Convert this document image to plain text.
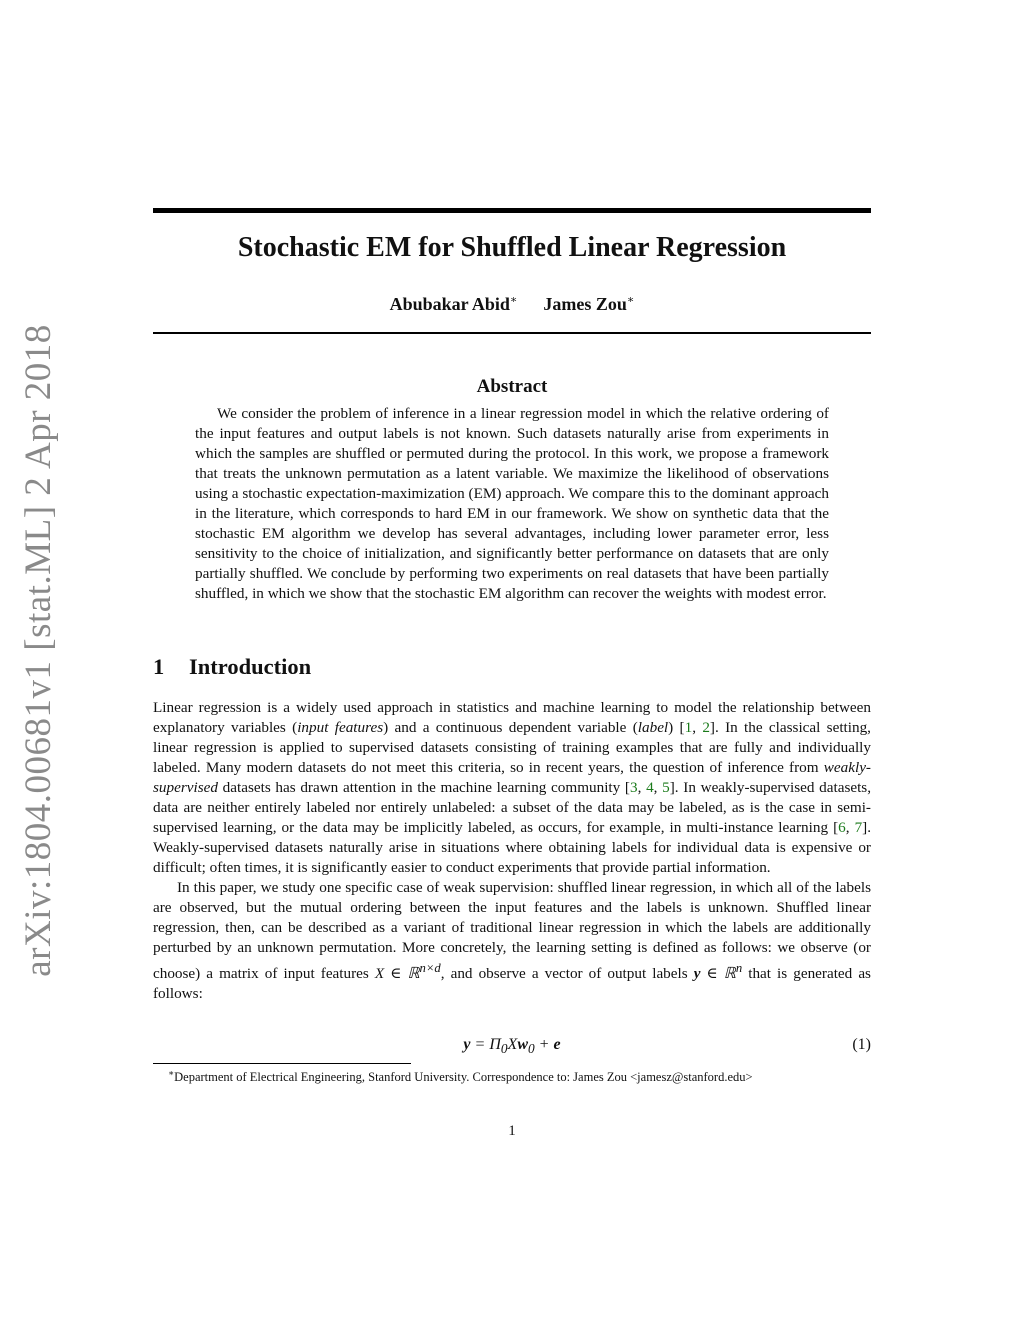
arXiv:1804.00681v1 [stat.ML] 2 Apr 2018
Stochastic EM for Shuffled Linear Regression
Abubakar Abid∗ James Zou∗
Abstract

We consider the problem of inference in a linear regression model in which the relative ordering of the input features and output labels is not known. Such datasets naturally arise from experiments in which the samples are shuffled or permuted during the protocol. In this work, we propose a framework that treats the unknown permutation as a latent variable. We maximize the likelihood of observations using a stochastic expectation-maximization (EM) approach. We compare this to the dominant approach in the literature, which corresponds to hard EM in our framework. We show on synthetic data that the stochastic EM algorithm we develop has several advantages, including lower parameter error, less sensitivity to the choice of initialization, and significantly better performance on datasets that are only partially shuffled. We conclude by performing two experiments on real datasets that have been partially shuffled, in which we show that the stochastic EM algorithm can recover the weights with modest error.

1 Introduction

Linear regression is a widely used approach in statistics and machine learning to model the relationship between explanatory variables (input features) and a continuous dependent variable (label) [1, 2]. In the classical setting, linear regression is applied to supervised datasets consisting of training examples that are fully and individually labeled. Many modern datasets do not meet this criteria, so in recent years, the question of inference from weakly-supervised datasets has drawn attention in the machine learning community [3, 4, 5]. In weakly-supervised datasets, data are neither entirely labeled nor entirely unlabeled: a subset of the data may be labeled, as is the case in semi-supervised learning, or the data may be implicitly labeled, as occurs, for example, in multi-instance learning [6, 7]. Weakly-supervised datasets naturally arise in situations where obtaining labels for individual data is expensive or difficult; often times, it is significantly easier to conduct experiments that provide partial information.

In this paper, we study one specific case of weak supervision: shuffled linear regression, in which all of the labels are observed, but the mutual ordering between the input features and the labels is unknown. Shuffled linear regression, then, can be described as a variant of traditional linear regression in which the labels are additionally perturbed by an unknown permutation. More concretely, the learning setting is defined as follows: we observe (or choose) a matrix of input features X ∈ ℝ$^{n\times d}$, and observe a vector of output labels y ∈ ℝ$^n$ that is generated as follows:

$y = \Pi_0Xw_0 + e$	(1)
∗Department of Electrical Engineering, Stanford University. Correspondence to: James Zou <jamesz@stanford.edu>
1
